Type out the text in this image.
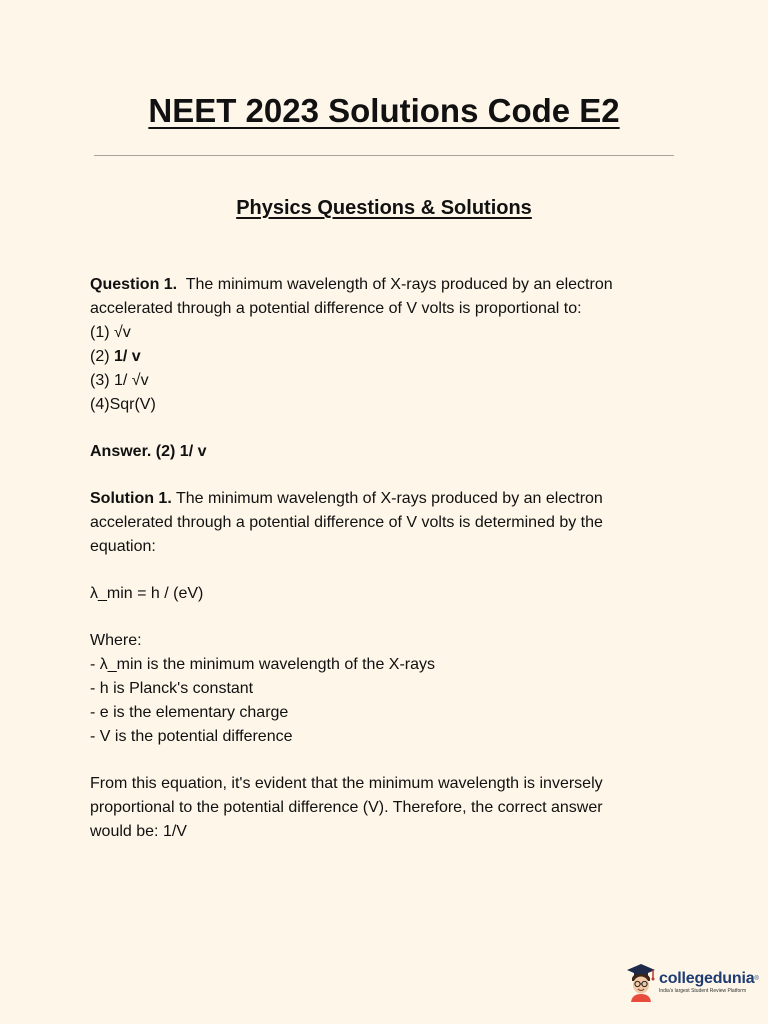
NEET 2023 Solutions Code E2
Physics Questions & Solutions
Question 1. The minimum wavelength of X-rays produced by an electron
accelerated through a potential difference of V volts is proportional to:
(1) √v
(2) 1/ v
(3) 1/ √v
(4)Sqr(V)
Answer. (2) 1/ v
Solution 1. The minimum wavelength of X-rays produced by an electron
accelerated through a potential difference of V volts is determined by the
equation:
λ_min = h / (eV)
Where:
- λ_min is the minimum wavelength of the X-rays
- h is Planck's constant
- e is the elementary charge
- V is the potential difference
From this equation, it's evident that the minimum wavelength is inversely
proportional to the potential difference (V). Therefore, the correct answer
would be: 1/V
collegedunia®
India's largest Student Review Platform
